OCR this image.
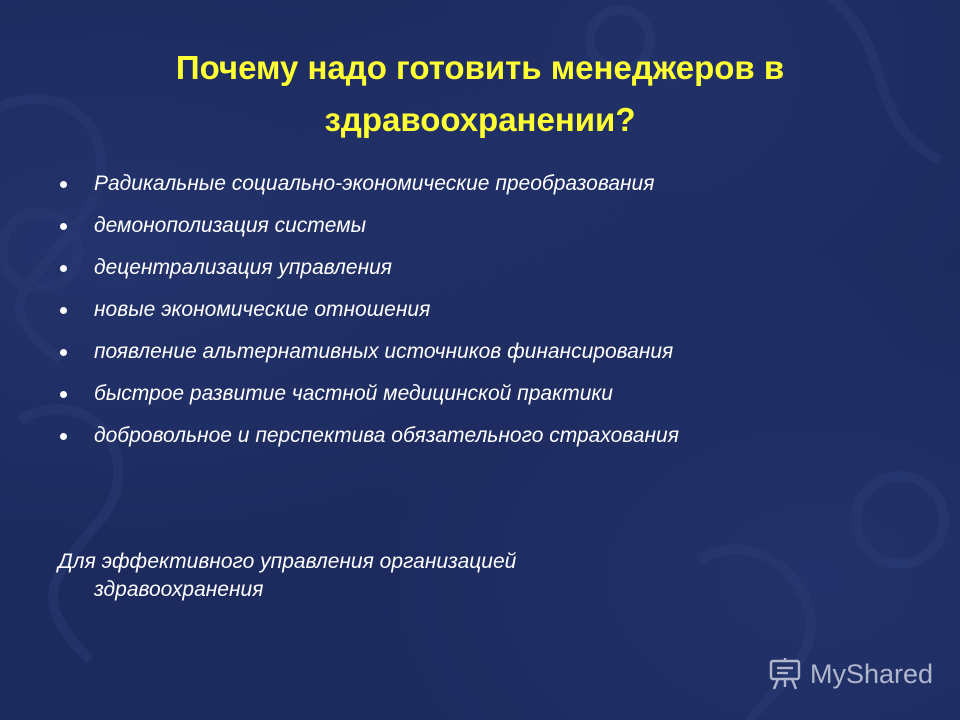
Почему надо готовить менеджеров в здравоохранении?
Радикальные социально-экономические преобразования
демонополизация системы
децентрализация управления
новые экономические отношения
появление альтернативных источников финансирования
быстрое развитие частной медицинской практики
добровольное и перспектива обязательного страхования
Для эффективного управления организацией
здравоохранения
MyShared
